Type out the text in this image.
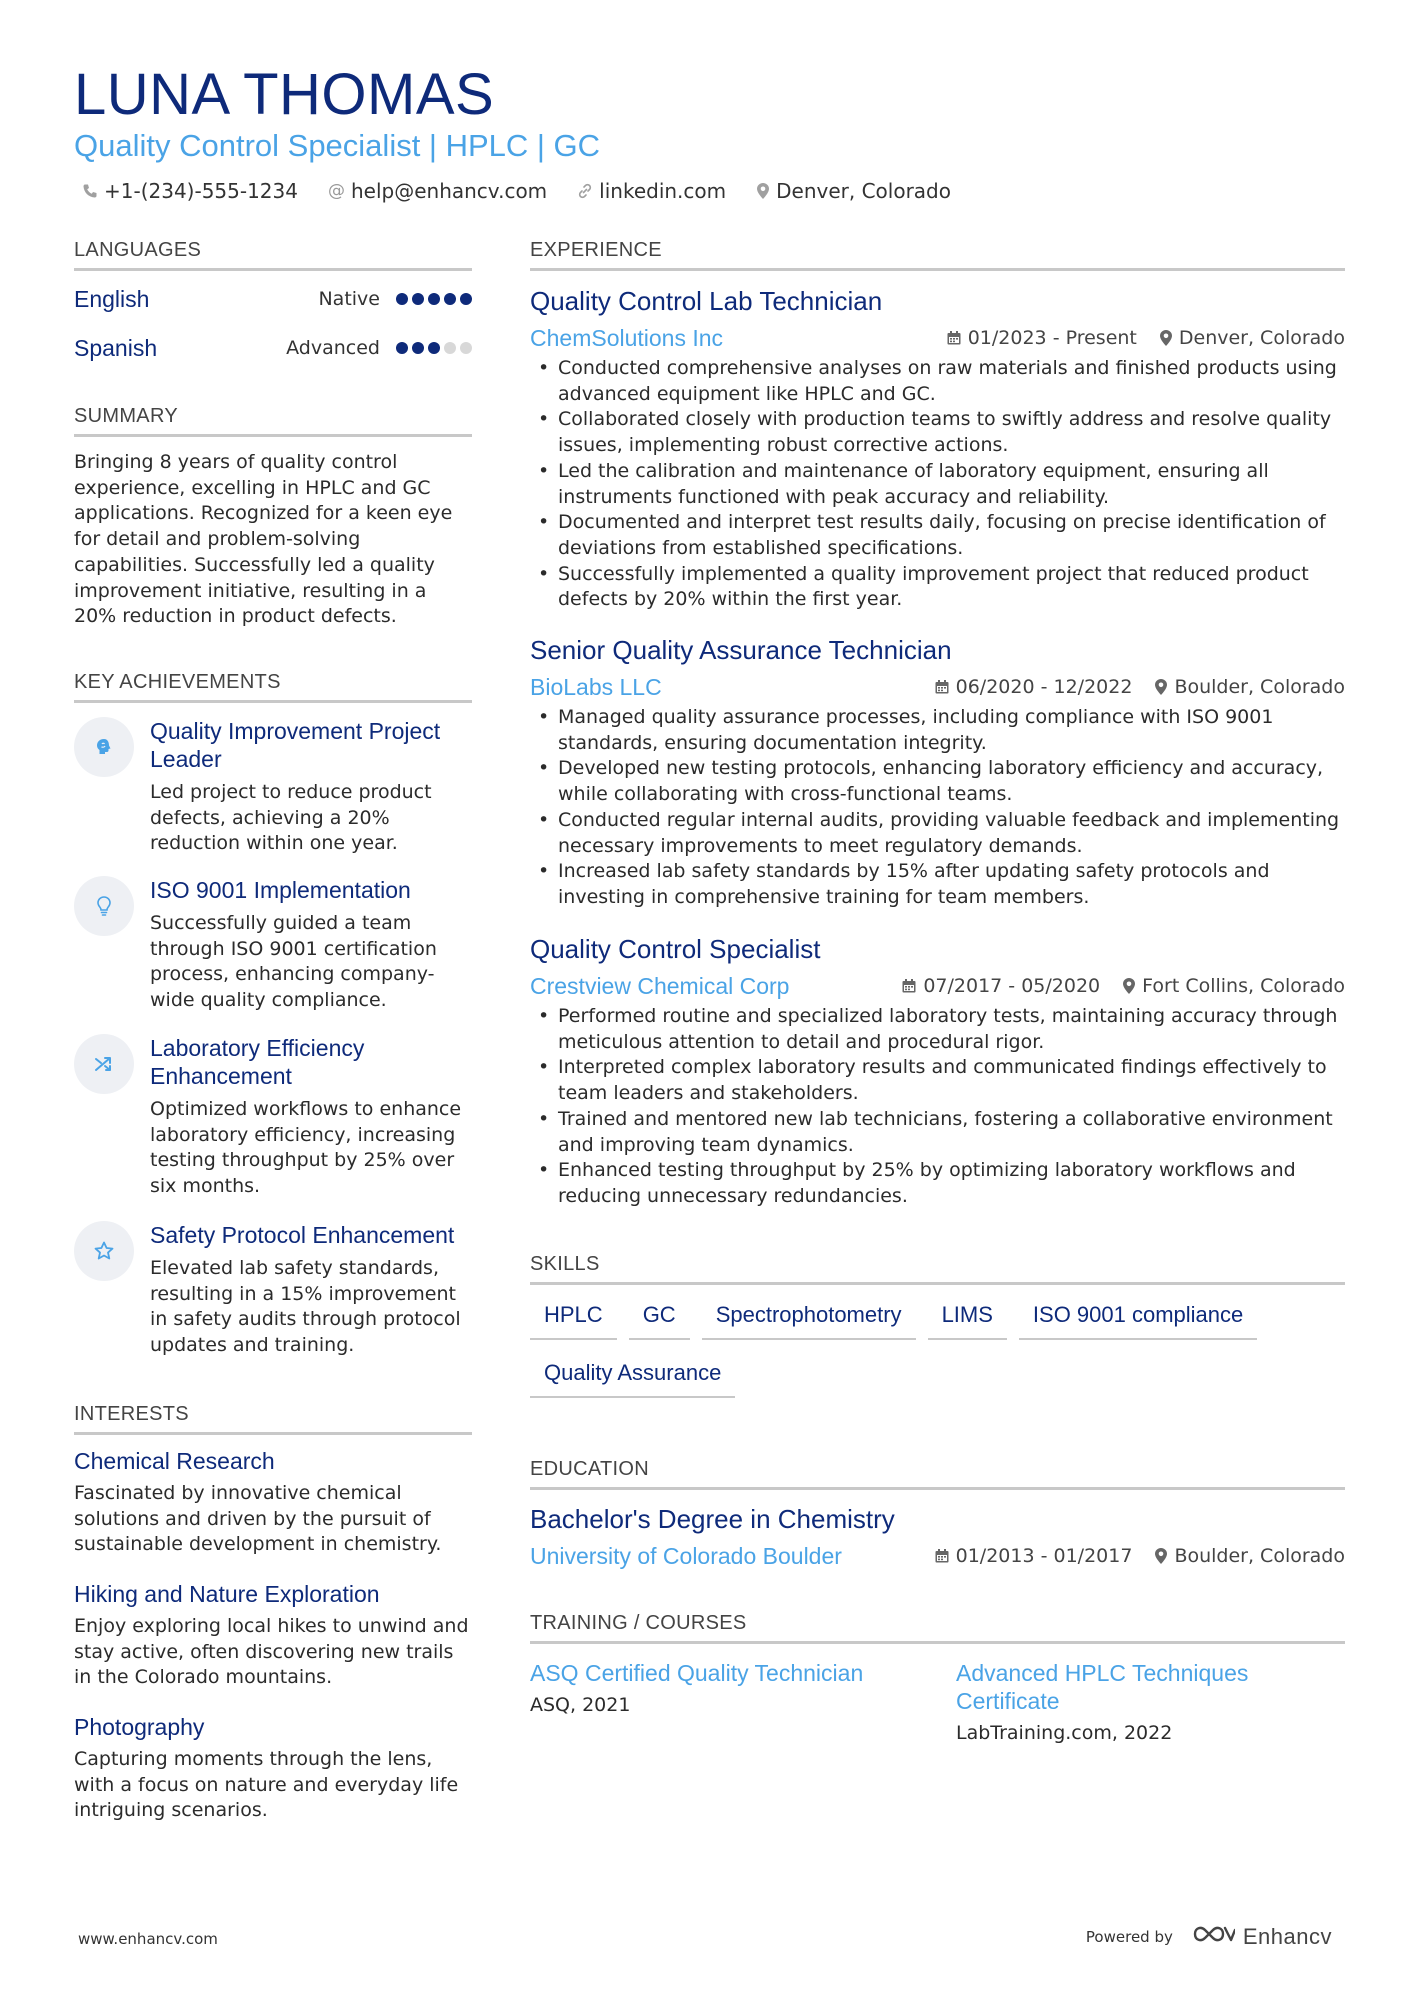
LUNA THOMAS
Quality Control Specialist | HPLC | GC
+1-(234)-555-1234 @ help@enhancv.com	linkedin.com	Denver, Colorado
LANGUAGES
English	Native
Spanish	Advanced
SUMMARY
Bringing 8 years of quality control experience, excelling in HPLC and GC applications. Recognized for a keen eye for detail and problem-solving capabilities. Successfully led a quality improvement initiative, resulting in a 20% reduction in product defects.
KEY ACHIEVEMENTS
Quality Improvement Project Leader
Led project to reduce product defects, achieving a 20% reduction within one year.
ISO 9001 Implementation
Successfully guided a team through ISO 9001 certification process, enhancing company-wide quality compliance.
Laboratory Efficiency Enhancement
Optimized workflows to enhance laboratory efficiency, increasing testing throughput by 25% over six months.
Safety Protocol Enhancement
Elevated lab safety standards, resulting in a 15% improvement in safety audits through protocol updates and training.
INTERESTS
Chemical Research
Fascinated by innovative chemical solutions and driven by the pursuit of sustainable development in chemistry.
Hiking and Nature Exploration
Enjoy exploring local hikes to unwind and stay active, often discovering new trails in the Colorado mountains.
Photography
Capturing moments through the lens, with a focus on nature and everyday life intriguing scenarios.
EXPERIENCE
Quality Control Lab Technician
ChemSolutions Inc	01/2023 - Present Denver, Colorado
• Conducted comprehensive analyses on raw materials and finished products using advanced equipment like HPLC and GC.
• Collaborated closely with production teams to swiftly address and resolve quality issues, implementing robust corrective actions.
• Led the calibration and maintenance of laboratory equipment, ensuring all instruments functioned with peak accuracy and reliability.
• Documented and interpret test results daily, focusing on precise identification of deviations from established specifications.
• Successfully implemented a quality improvement project that reduced product defects by 20% within the first year.
Senior Quality Assurance Technician
BioLabs LLC	06/2020 - 12/2022 Boulder, Colorado
• Managed quality assurance processes, including compliance with ISO 9001 standards, ensuring documentation integrity.
• Developed new testing protocols, enhancing laboratory efficiency and accuracy, while collaborating with cross-functional teams.
• Conducted regular internal audits, providing valuable feedback and implementing necessary improvements to meet regulatory demands.
• Increased lab safety standards by 15% after updating safety protocols and investing in comprehensive training for team members.
Quality Control Specialist
Crestview Chemical Corp	07/2017 - 05/2020 Fort Collins, Colorado
• Performed routine and specialized laboratory tests, maintaining accuracy through meticulous attention to detail and procedural rigor.
• Interpreted complex laboratory results and communicated findings effectively to team leaders and stakeholders.
• Trained and mentored new lab technicians, fostering a collaborative environment and improving team dynamics.
• Enhanced testing throughput by 25% by optimizing laboratory workflows and reducing unnecessary redundancies.
SKILLS
HPLC	GC	Spectrophotometry	LIMS	ISO 9001 compliance
Quality Assurance
EDUCATION
Bachelor's Degree in Chemistry
University of Colorado Boulder	01/2013 - 01/2017 Boulder, Colorado
TRAINING / COURSES
ASQ Certified Quality Technician
ASQ, 2021
Advanced HPLC Techniques Certificate
LabTraining.com, 2022
www.enhancv.com	Powered by	Enhancv
